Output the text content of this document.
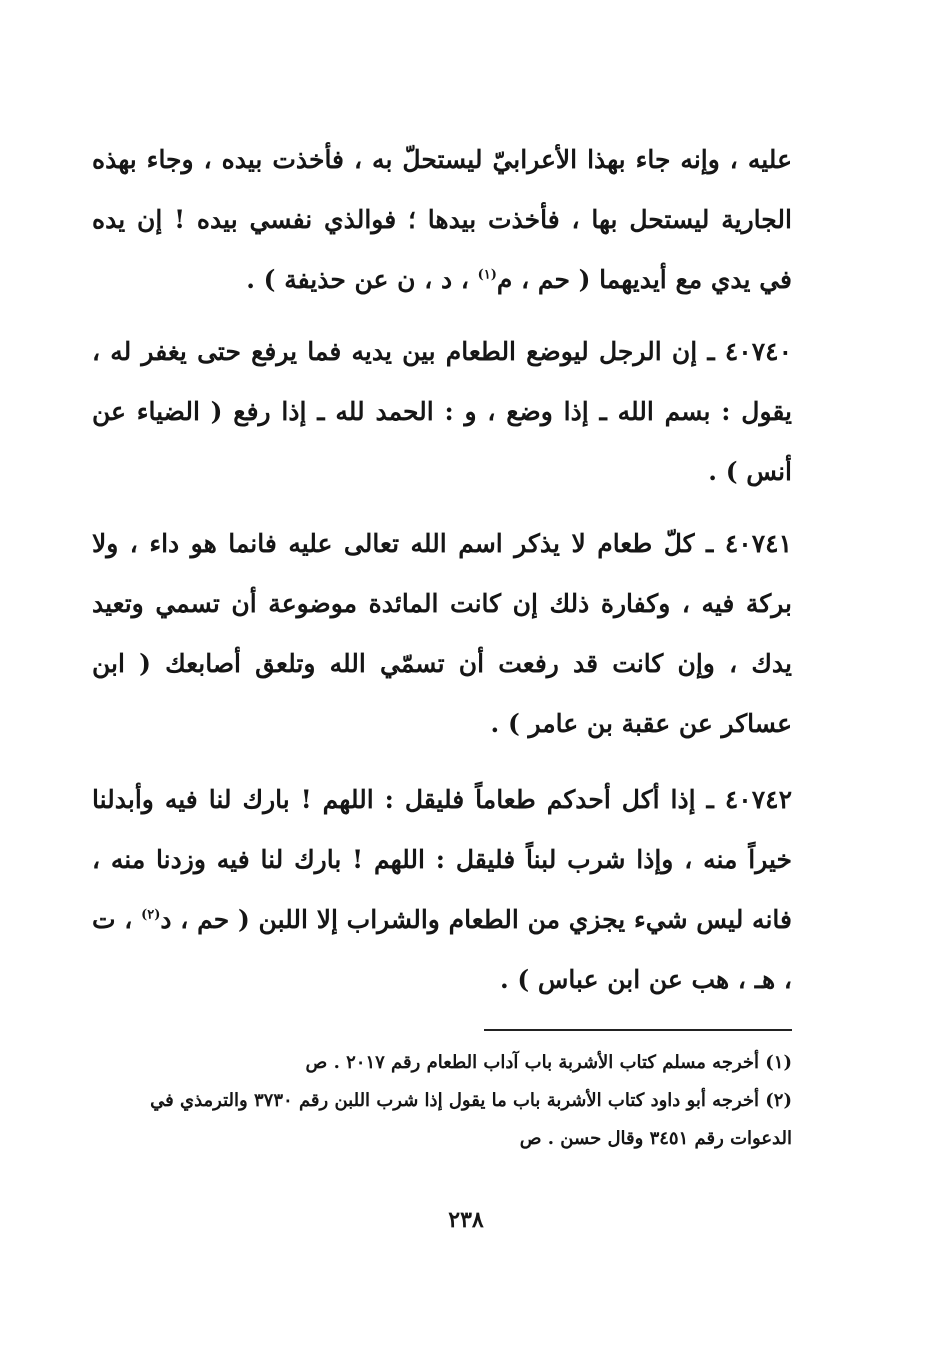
عليه ، وإنه جاء بهذا الأعرابيّ ليستحلّ به ، فأخذت بيده ، وجاء بهذه الجارية ليستحل بها ، فأخذت بيدها ؛ فوالذي نفسي بيده ! إن يده في يدي مع أيديهما ( حم ، م$^{(١)}$ ، د ، ن عن حذيفة ) .
٤٠٧٤٠ ـ إن الرجل ليوضع الطعام بين يديه فما يرفع حتى يغفر له ، يقول : بسم الله ـ إذا وضع ، و : الحمد لله ـ إذا رفع ( الضياء عن أنس ) .
٤٠٧٤١ ـ كلّ طعام لا يذكر اسم الله تعالى عليه فانما هو داء ، ولا بركة فيه ، وكفارة ذلك إن كانت المائدة موضوعة أن تسمي وتعيد يدك ، وإن كانت قد رفعت أن تسمّي الله وتلعق أصابعك ( ابن عساكر عن عقبة بن عامر ) .
٤٠٧٤٢ ـ إذا أكل أحدكم طعاماً فليقل : اللهم ! بارك لنا فيه وأبدلنا خيراً منه ، وإذا شرب لبناً فليقل : اللهم ! بارك لنا فيه وزدنا منه ، فانه ليس شيء يجزي من الطعام والشراب إلا اللبن ( حم ، د$^{(٢)}$ ، ت ، هـ ، هب عن ابن عباس ) .
(١) أخرجه مسلم كتاب الأشربة باب آداب الطعام رقم ٢٠١٧ . ص
(٢) أخرجه أبو داود كتاب الأشربة باب ما يقول إذا شرب اللبن رقم ٣٧٣٠ والترمذي في الدعوات رقم ٣٤٥١ وقال حسن . ص
٢٣٨
